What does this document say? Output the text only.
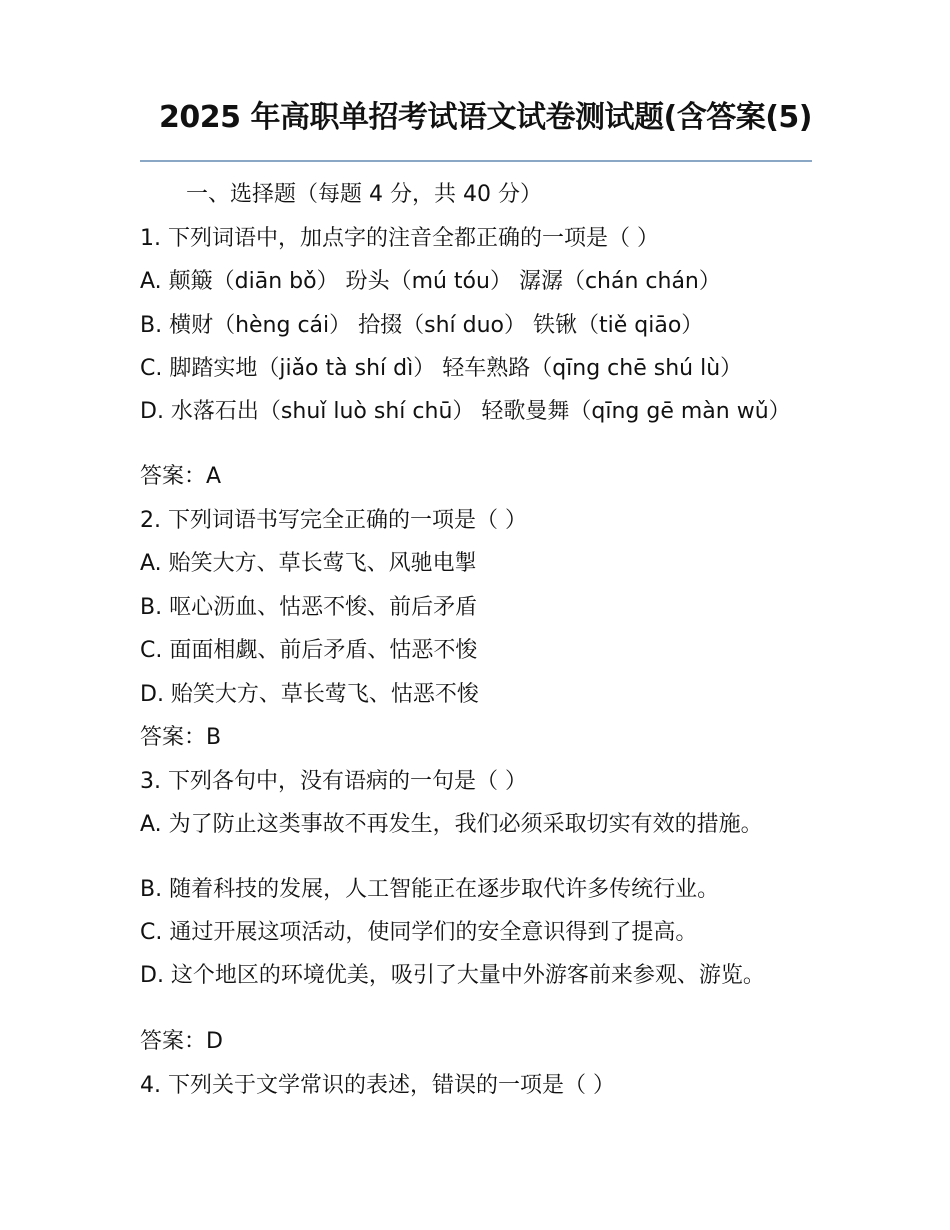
2025 年高职单招考试语文试卷测试题(含答案(5)
一、选择题（每题 4 分，共 40 分）
1. 下列词语中，加点字的注音全都正确的一项是（ ）
A. 颠簸（diān bǒ） 玢头（mú tóu） 潺潺（chán chán）
B. 横财（hèng cái） 拾掇（shí duo） 铁锹（tiě qiāo）
C. 脚踏实地（jiǎo tà shí dì） 轻车熟路（qīng chē shú lù）
D. 水落石出（shuǐ luò shí chū） 轻歌曼舞（qīng gē màn wǔ）
答案：A
2. 下列词语书写完全正确的一项是（ ）
A. 贻笑大方、草长莺飞、风驰电掣
B. 呕心沥血、怙恶不悛、前后矛盾
C. 面面相觑、前后矛盾、怙恶不悛
D. 贻笑大方、草长莺飞、怙恶不悛
答案：B
3. 下列各句中，没有语病的一句是（ ）
A. 为了防止这类事故不再发生，我们必须采取切实有效的措施。
B. 随着科技的发展，人工智能正在逐步取代许多传统行业。
C. 通过开展这项活动，使同学们的安全意识得到了提高。
D. 这个地区的环境优美，吸引了大量中外游客前来参观、游览。
答案：D
4. 下列关于文学常识的表述，错误的一项是（ ）
